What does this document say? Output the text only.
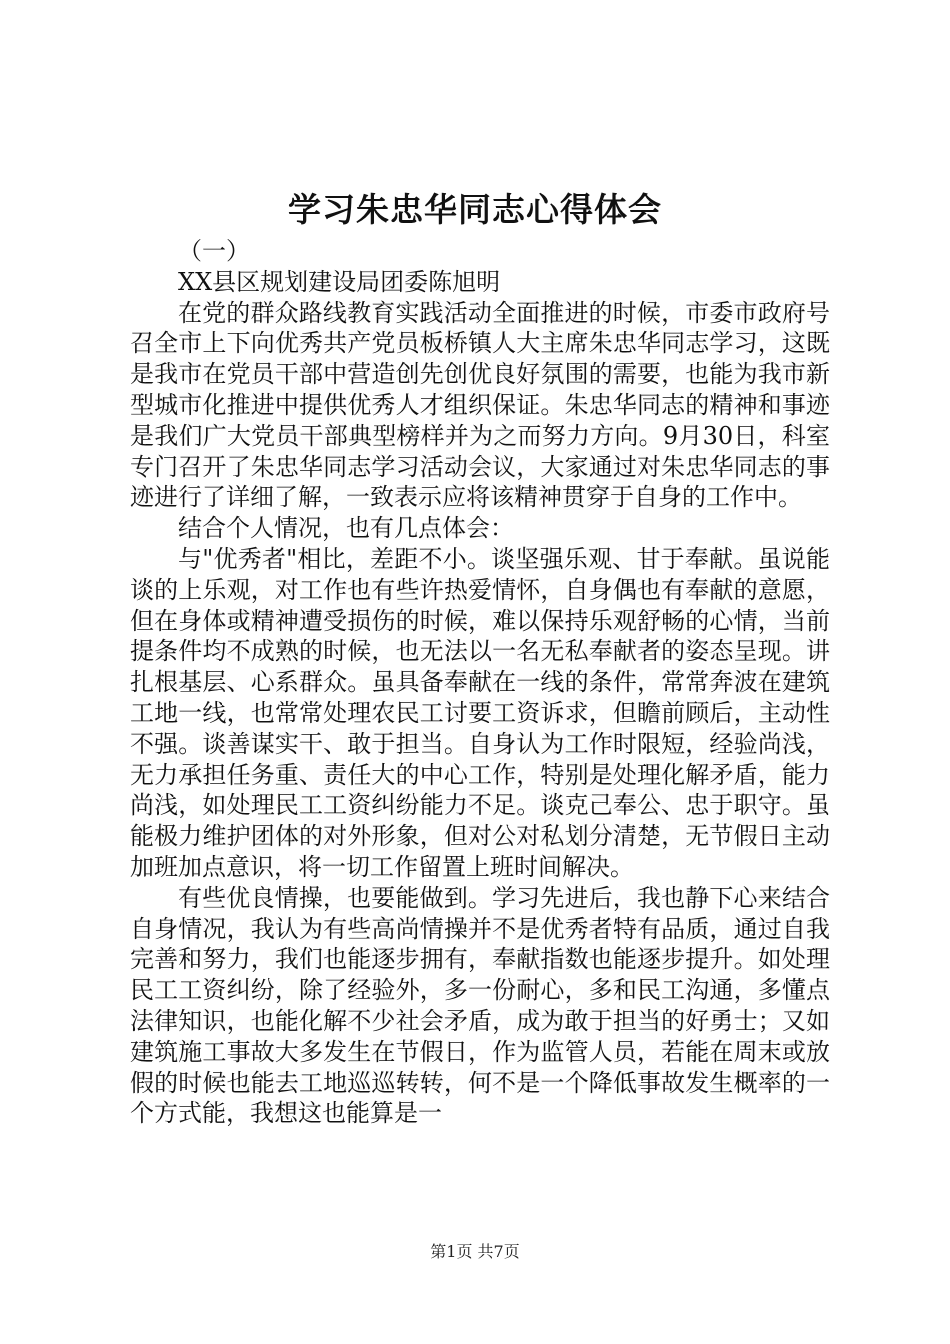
学习朱忠华同志心得体会

（一）

XX县区规划建设局团委陈旭明

在党的群众路线教育实践活动全面推进的时候，市委市政府号召全市上下向优秀共产党员板桥镇人大主席朱忠华同志学习，这既是我市在党员干部中营造创先创优良好氛围的需要，也能为我市新型城市化推进中提供优秀人才组织保证。朱忠华同志的精神和事迹是我们广大党员干部典型榜样并为之而努力方向。9月30日，科室专门召开了朱忠华同志学习活动会议，大家通过对朱忠华同志的事迹进行了详细了解，一致表示应将该精神贯穿于自身的工作中。

结合个人情况，也有几点体会：

与"优秀者"相比，差距不小。谈坚强乐观、甘于奉献。虽说能谈的上乐观，对工作也有些许热爱情怀，自身偶也有奉献的意愿，但在身体或精神遭受损伤的时候，难以保持乐观舒畅的心情，当前提条件均不成熟的时候，也无法以一名无私奉献者的姿态呈现。讲扎根基层、心系群众。虽具备奉献在一线的条件，常常奔波在建筑工地一线，也常常处理农民工讨要工资诉求，但瞻前顾后，主动性不强。谈善谋实干、敢于担当。自身认为工作时限短，经验尚浅，无力承担任务重、责任大的中心工作，特别是处理化解矛盾，能力尚浅，如处理民工工资纠纷能力不足。谈克己奉公、忠于职守。虽能极力维护团体的对外形象，但对公对私划分清楚，无节假日主动加班加点意识，将一切工作留置上班时间解决。

有些优良情操，也要能做到。学习先进后，我也静下心来结合自身情况，我认为有些高尚情操并不是优秀者特有品质，通过自我完善和努力，我们也能逐步拥有，奉献指数也能逐步提升。如处理民工工资纠纷，除了经验外，多一份耐心，多和民工沟通，多懂点法律知识，也能化解不少社会矛盾，成为敢于担当的好勇士；又如建筑施工事故大多发生在节假日，作为监管人员，若能在周末或放假的时候也能去工地巡巡转转，何不是一个降低事故发生概率的一个方式能，我想这也能算是一

第1页 共7页
